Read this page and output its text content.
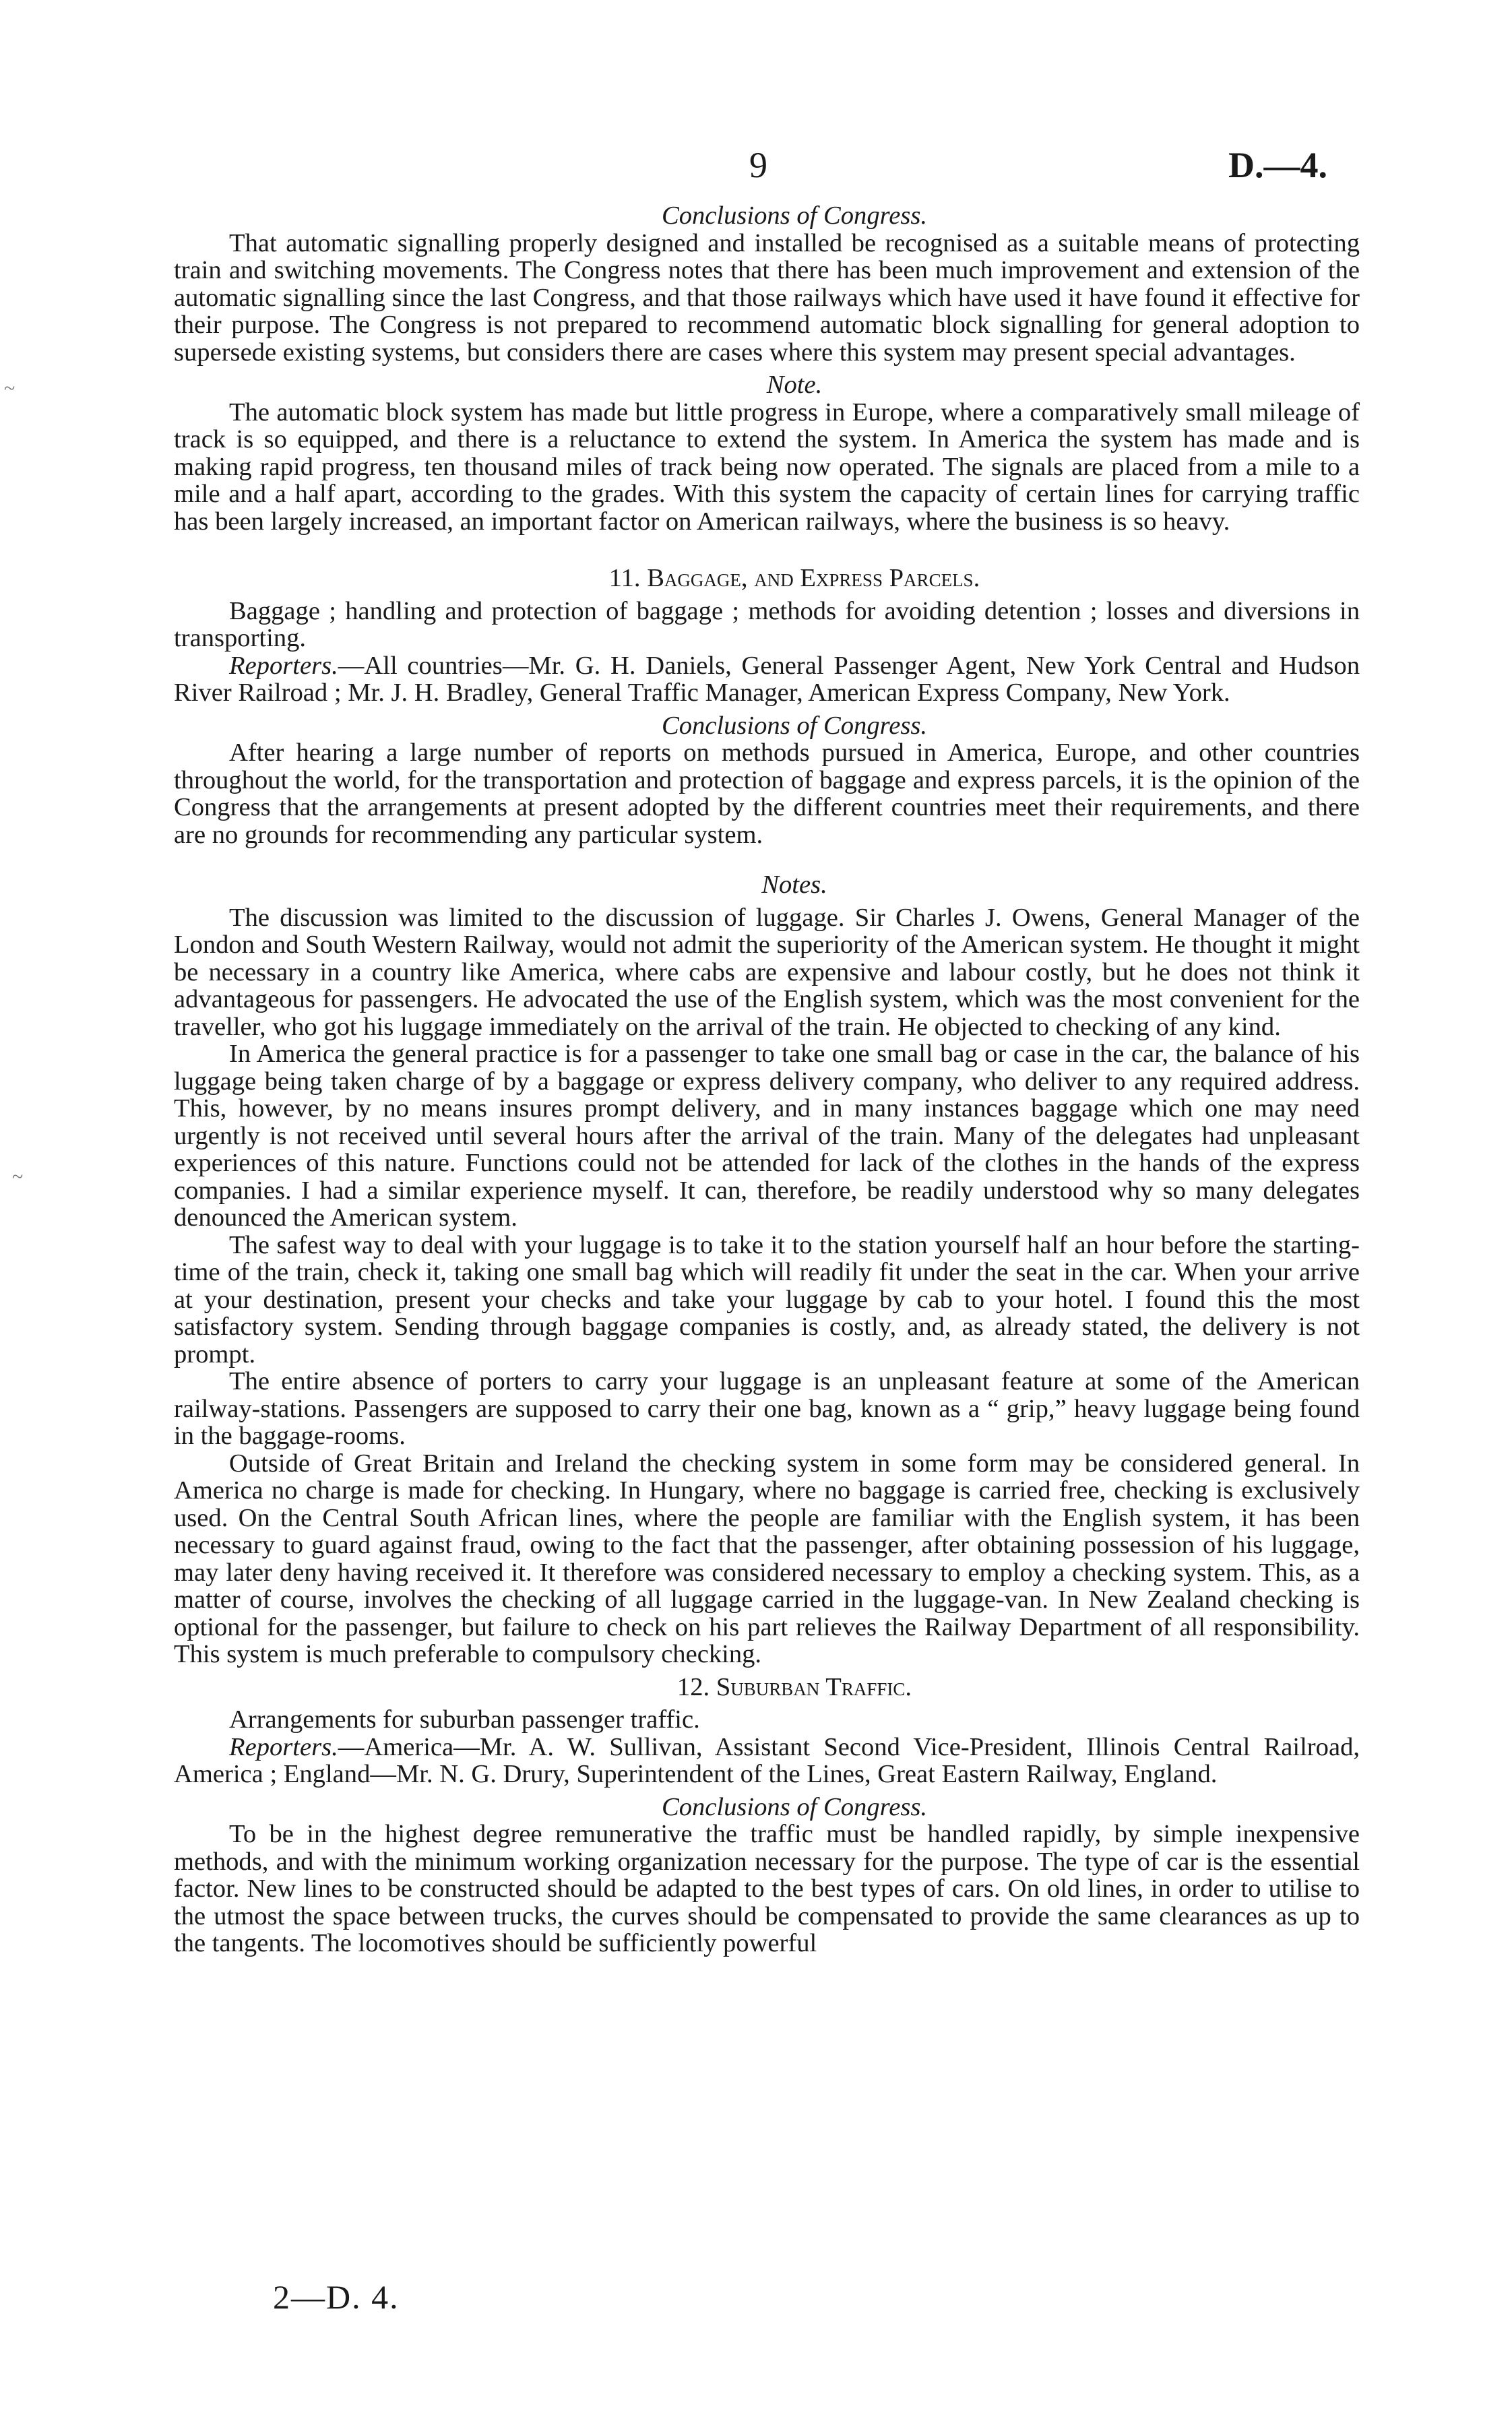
9	D.—4.
~
~

Conclusions of Congress.

That automatic signalling properly designed and installed be recognised as a suitable means of protecting train and switching movements. The Congress notes that there has been much improvement and extension of the automatic signalling since the last Congress, and that those railways which have used it have found it effective for their purpose. The Congress is not prepared to recommend automatic block signalling for general adoption to supersede existing systems, but considers there are cases where this system may present special advantages.

Note.

The automatic block system has made but little progress in Europe, where a comparatively small mileage of track is so equipped, and there is a reluctance to extend the system. In America the system has made and is making rapid progress, ten thousand miles of track being now operated. The signals are placed from a mile to a mile and a half apart, according to the grades. With this system the capacity of certain lines for carrying traffic has been largely increased, an important factor on American railways, where the business is so heavy.

11. Baggage, and Express Parcels.

Baggage ; handling and protection of baggage ; methods for avoiding detention ; losses and diversions in transporting.

Reporters.—All countries—Mr. G. H. Daniels, General Passenger Agent, New York Central and Hudson River Railroad ; Mr. J. H. Bradley, General Traffic Manager, American Express Company, New York.

Conclusions of Congress.

After hearing a large number of reports on methods pursued in America, Europe, and other countries throughout the world, for the transportation and protection of baggage and express parcels, it is the opinion of the Congress that the arrangements at present adopted by the different countries meet their requirements, and there are no grounds for recommending any particular system.

Notes.

The discussion was limited to the discussion of luggage. Sir Charles J. Owens, General Manager of the London and South Western Railway, would not admit the superiority of the American system. He thought it might be necessary in a country like America, where cabs are expensive and labour costly, but he does not think it advantageous for passengers. He advocated the use of the English system, which was the most convenient for the traveller, who got his luggage immediately on the arrival of the train. He objected to checking of any kind.

In America the general practice is for a passenger to take one small bag or case in the car, the balance of his luggage being taken charge of by a baggage or express delivery company, who deliver to any required address. This, however, by no means insures prompt delivery, and in many instances baggage which one may need urgently is not received until several hours after the arrival of the train. Many of the delegates had unpleasant experiences of this nature. Functions could not be attended for lack of the clothes in the hands of the express companies. I had a similar experience myself. It can, therefore, be readily understood why so many delegates denounced the American system.

The safest way to deal with your luggage is to take it to the station yourself half an hour before the starting-time of the train, check it, taking one small bag which will readily fit under the seat in the car. When your arrive at your destination, present your checks and take your luggage by cab to your hotel. I found this the most satisfactory system. Sending through baggage companies is costly, and, as already stated, the delivery is not prompt.

The entire absence of porters to carry your luggage is an unpleasant feature at some of the American railway-stations. Passengers are supposed to carry their one bag, known as a “ grip,” heavy luggage being found in the baggage-rooms.

Outside of Great Britain and Ireland the checking system in some form may be considered general. In America no charge is made for checking. In Hungary, where no baggage is carried free, checking is exclusively used. On the Central South African lines, where the people are familiar with the English system, it has been necessary to guard against fraud, owing to the fact that the passenger, after obtaining possession of his luggage, may later deny having received it. It therefore was considered necessary to employ a checking system. This, as a matter of course, involves the checking of all luggage carried in the luggage-van. In New Zealand checking is optional for the passenger, but failure to check on his part relieves the Railway Department of all responsibility. This system is much preferable to compulsory checking.

12. Suburban Traffic.

Arrangements for suburban passenger traffic.

Reporters.—America—Mr. A. W. Sullivan, Assistant Second Vice-President, Illinois Central Railroad, America ; England—Mr. N. G. Drury, Superintendent of the Lines, Great Eastern Railway, England.

Conclusions of Congress.

To be in the highest degree remunerative the traffic must be handled rapidly, by simple inexpensive methods, and with the minimum working organization necessary for the purpose. The type of car is the essential factor. New lines to be constructed should be adapted to the best types of cars. On old lines, in order to utilise to the utmost the space between trucks, the curves should be compensated to provide the same clearances as up to the tangents. The locomotives should be sufficiently powerful

2—D. 4.
